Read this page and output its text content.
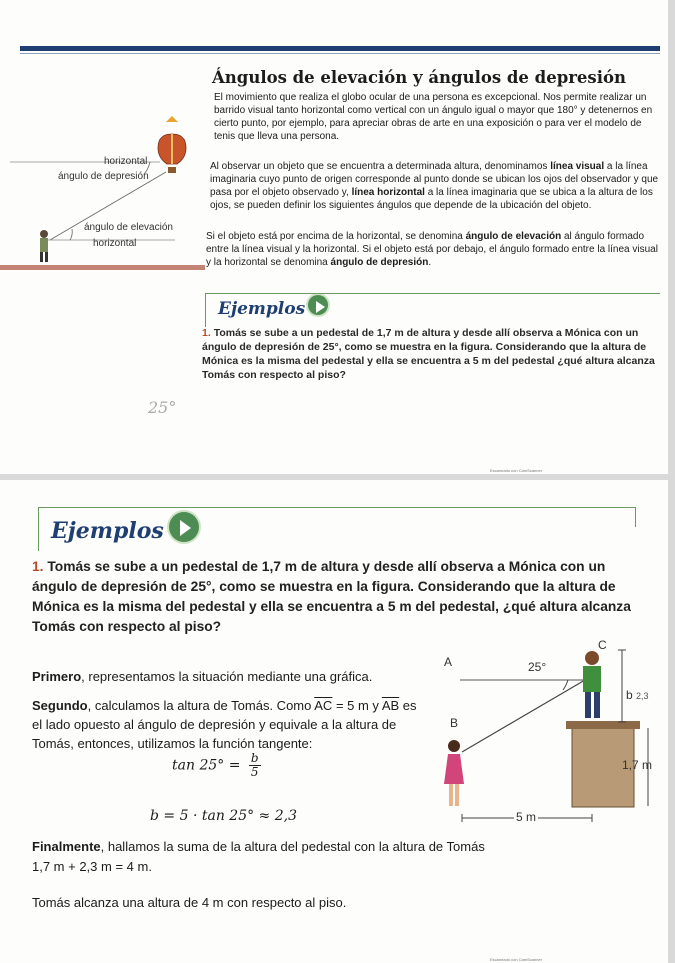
Ángulos de elevación y ángulos de depresión
El movimiento que realiza el globo ocular de una persona es excepcional. Nos permite realizar un barrido visual tanto horizontal como vertical con un ángulo igual o mayor que 180° y detenernos en cierto punto, por ejemplo, para apreciar obras de arte en una exposición o para ver el modelo de tenis que lleva una persona.
Al observar un objeto que se encuentra a determinada altura, denominamos línea visual a la línea imaginaria cuyo punto de origen corresponde al punto donde se ubican los ojos del observador y que pasa por el objeto observado y, línea horizontal a la línea imaginaria que se ubica a la altura de los ojos, se pueden definir los siguientes ángulos que depende de la ubicación del objeto.
Si el objeto está por encima de la horizontal, se denomina ángulo de elevación al ángulo formado entre la línea visual y la horizontal. Si el objeto está por debajo, el ángulo formado entre la línea visual y la horizontal se denomina ángulo de depresión.
horizontal
ángulo de depresión
ángulo de elevación
horizontal
Ejemplos
1. Tomás se sube a un pedestal de 1,7 m de altura y desde allí observa a Mónica con un ángulo de depresión de 25°, como se muestra en la figura. Considerando que la altura de Mónica es la misma del pedestal y ella se encuentra a 5 m del pedestal ¿qué altura alcanza Tomás con respecto al piso?
25°
Escaneado con CamScanner
Ejemplos
1. Tomás se sube a un pedestal de 1,7 m de altura y desde allí observa a Mónica con un ángulo de depresión de 25°, como se muestra en la figura. Considerando que la altura de Mónica es la misma del pedestal y ella se encuentra a 5 m del pedestal, ¿qué altura alcanza Tomás con respecto al piso?
Primero, representamos la situación mediante una gráfica.
Segundo, calculamos la altura de Tomás. Como $\overline{AC} = 5$ m y $\overline{AB}$ es el lado opuesto al ángulo de depresión y equivale a la altura de Tomás, entonces, utilizamos la función tangente:
$\tan 25^\circ = \frac{b}{5}$
b = 5 · tan 25° ≈ 2,3
A
B
C
25°
b 2,3
1,7 m
5 m
Finalmente, hallamos la suma de la altura del pedestal con la altura de Tomás
1,7 m + 2,3 m = 4 m.
Tomás alcanza una altura de 4 m con respecto al piso.
Escaneado con CamScanner
